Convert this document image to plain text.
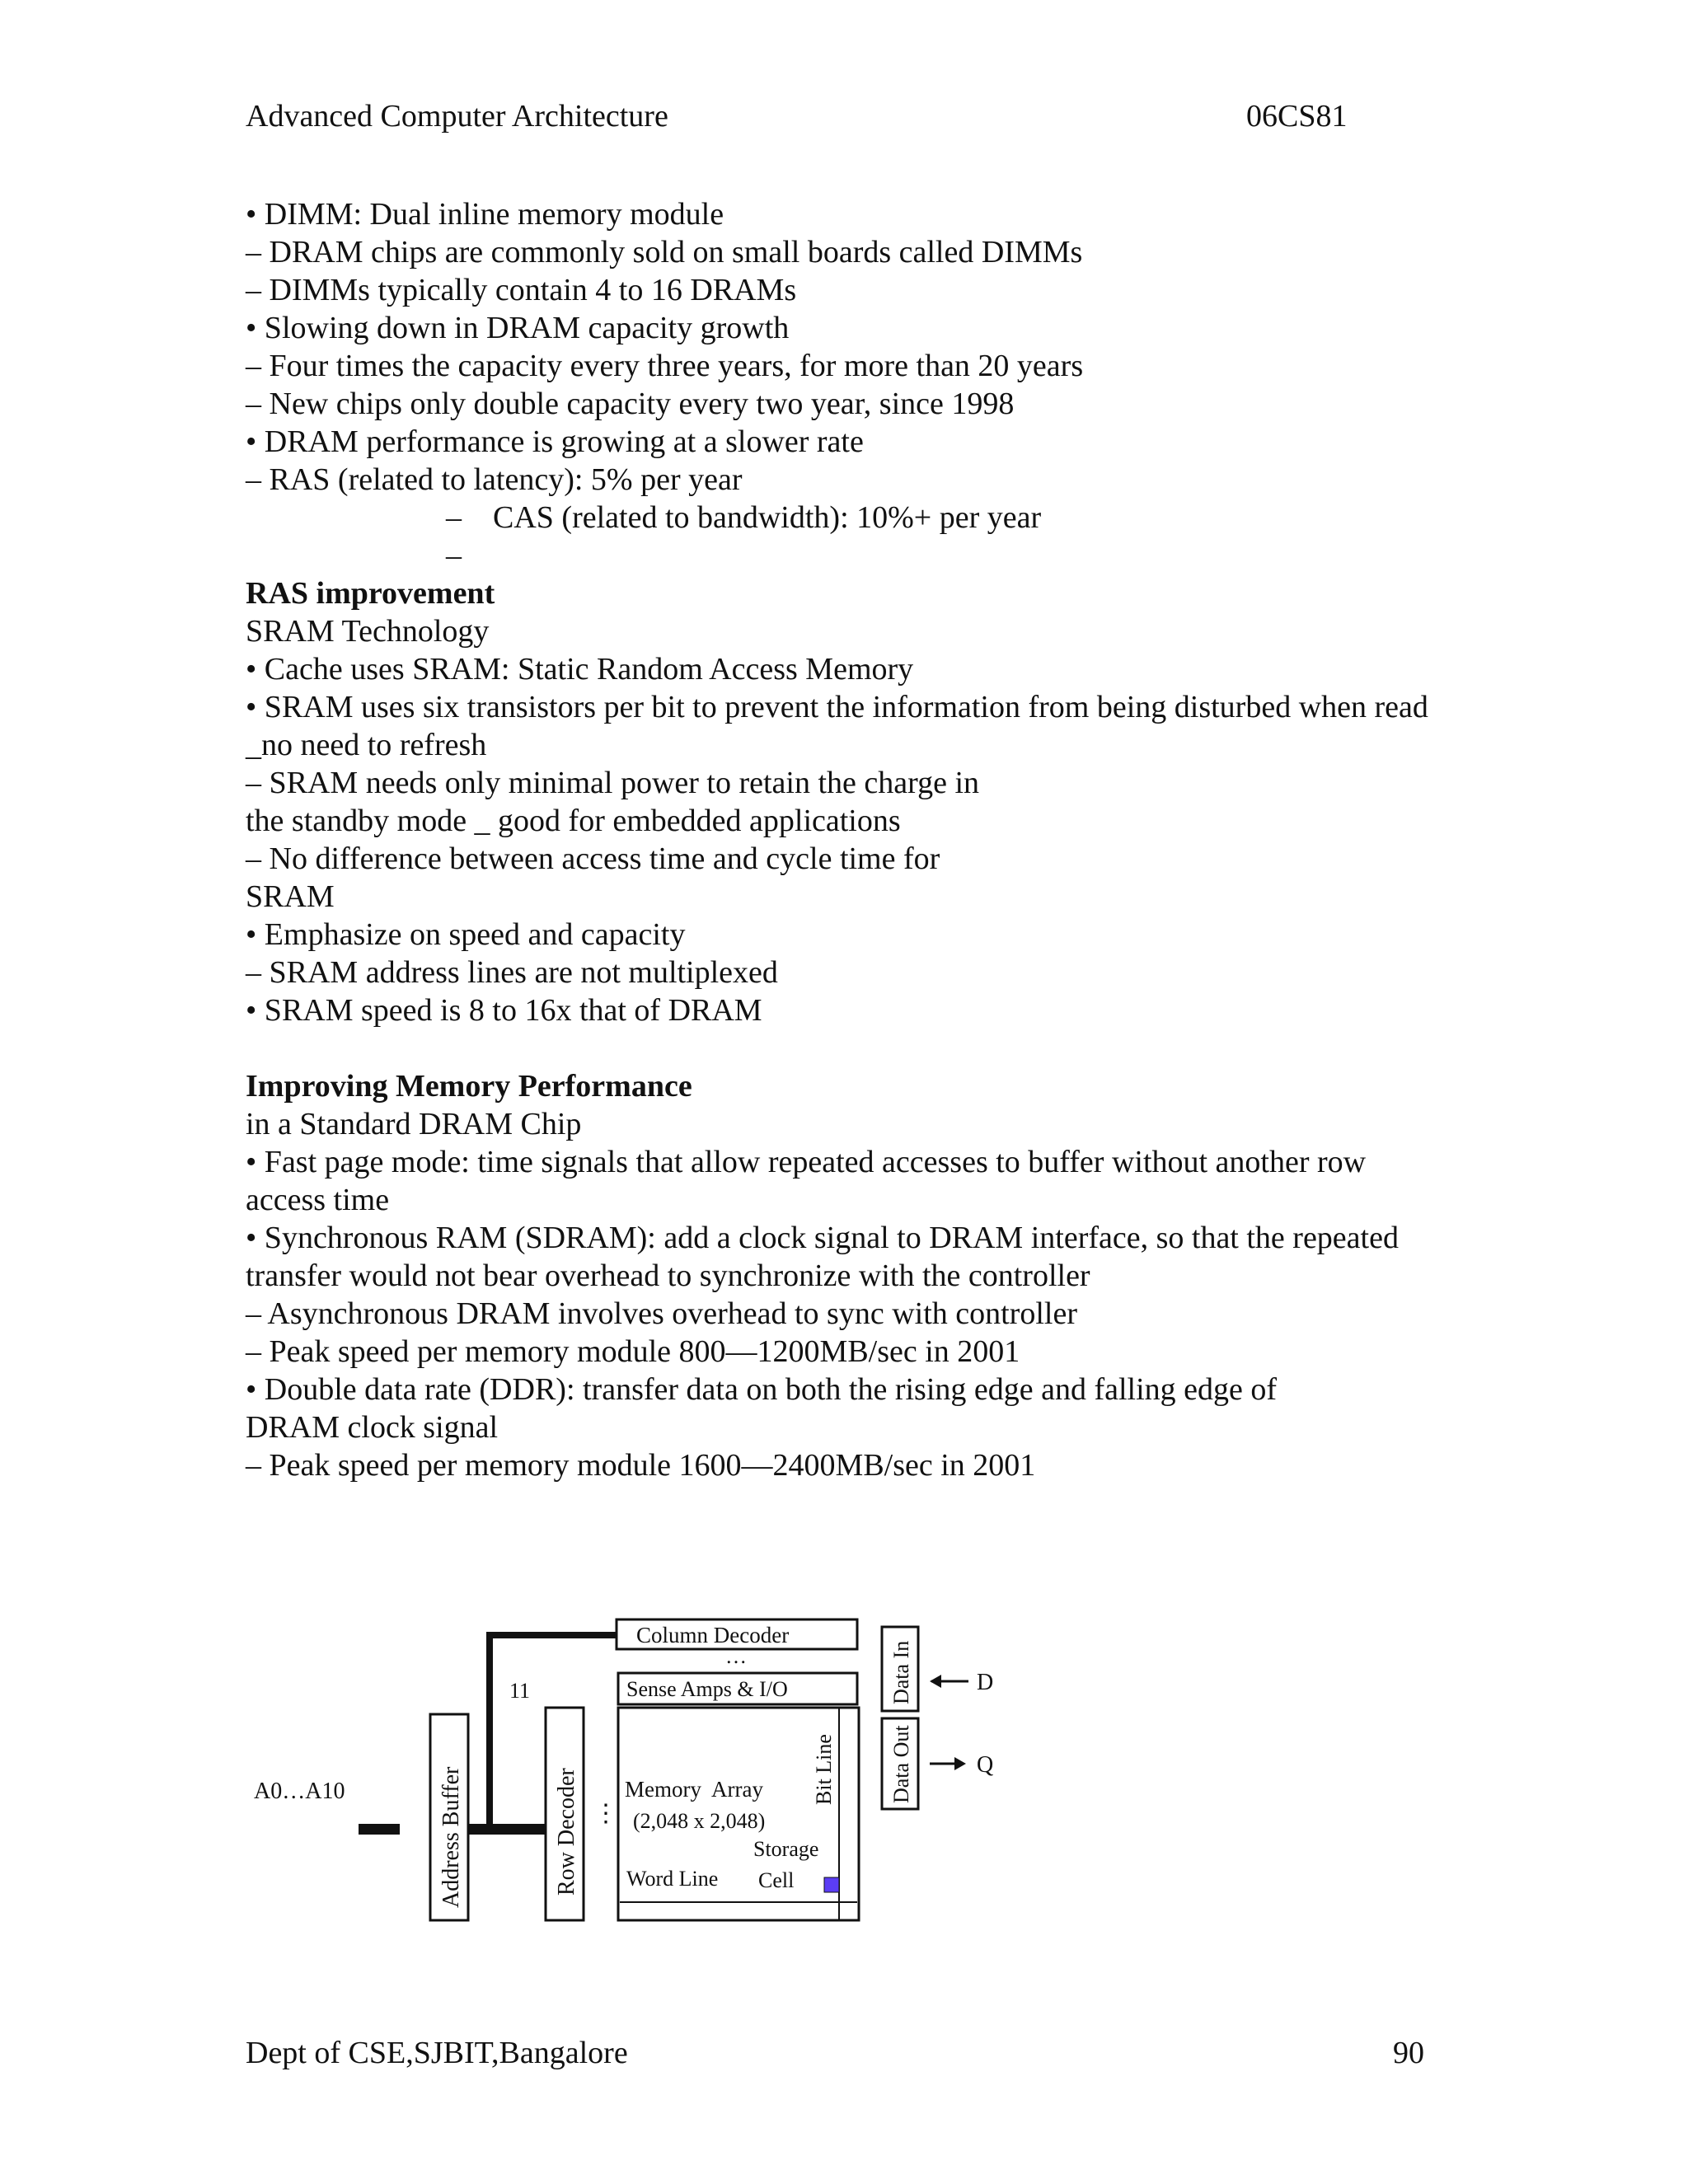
Advanced Computer Architecture	06CS81
• DIMM: Dual inline memory module
– DRAM chips are commonly sold on small boards called DIMMs
– DIMMs typically contain 4 to 16 DRAMs
• Slowing down in DRAM capacity growth
– Four times the capacity every three years, for more than 20 years
– New chips only double capacity every two year, since 1998
• DRAM performance is growing at a slower rate
– RAS (related to latency): 5% per year
–    CAS (related to bandwidth): 10%+ per year
–
RAS improvement
SRAM Technology
• Cache uses SRAM: Static Random Access Memory
• SRAM uses six transistors per bit to prevent the information from being disturbed when read
_no need to refresh
– SRAM needs only minimal power to retain the charge in
the standby mode _ good for embedded applications
– No difference between access time and cycle time for
SRAM
• Emphasize on speed and capacity
– SRAM address lines are not multiplexed
• SRAM speed is 8 to 16x that of DRAM
Improving Memory Performance
in a Standard DRAM Chip
• Fast page mode: time signals that allow repeated accesses to buffer without another row access time
• Synchronous RAM (SDRAM): add a clock signal to DRAM interface, so that the repeated transfer would not bear overhead to synchronize with the controller
– Asynchronous DRAM involves overhead to sync with controller
– Peak speed per memory module 800—1200MB/sec in 2001
• Double data rate (DDR): transfer data on both the rising edge and falling edge of DRAM clock signal
– Peak speed per memory module 1600—2400MB/sec in 2001
A0…A10	Address Buffer
11
Row Decoder ⋮
Column Decoder
…
Sense Amps & I/O
Memory  Array
(2,048 x 2,048)
Storage
Word Line Cell
Bit Line
Data In
Data Out
D
Q
Dept of CSE,SJBIT,Bangalore	90
